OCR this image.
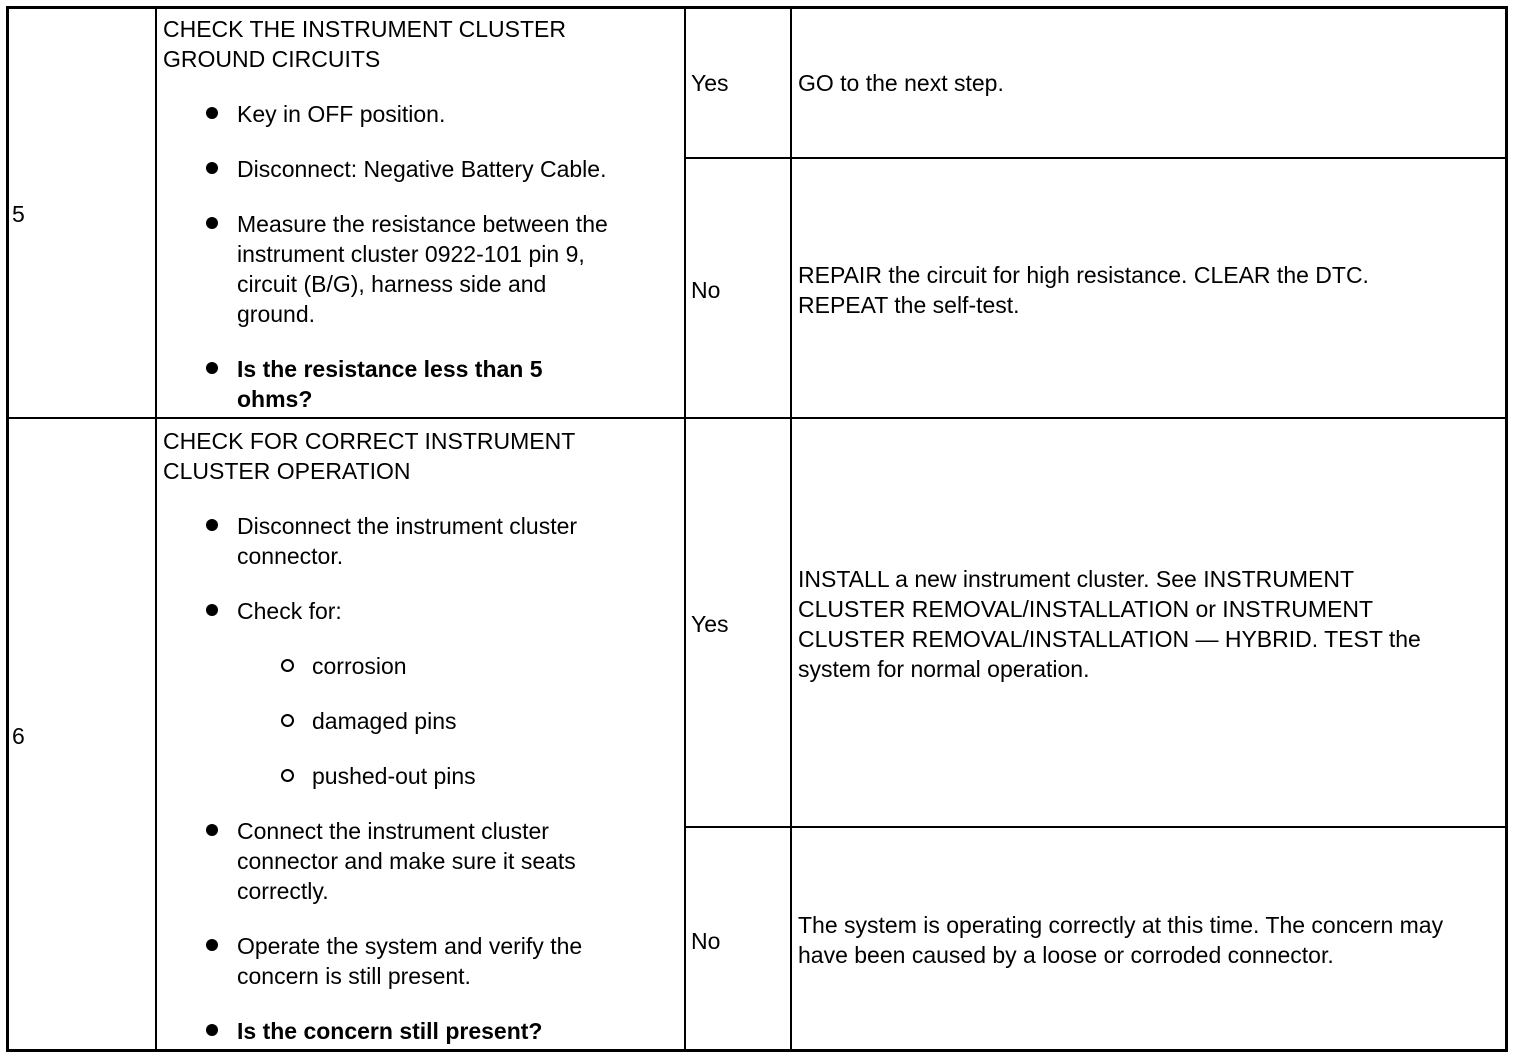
5
CHECK THE INSTRUMENT CLUSTER
GROUND CIRCUITS
Key in OFF position.
Disconnect: Negative Battery Cable.
Measure the resistance between the
instrument cluster 0922-101 pin 9,
circuit (B/G), harness side and
ground.
Is the resistance less than 5
ohms?
Yes	GO to the next step.
No
REPAIR the circuit for high resistance. CLEAR the DTC.
REPEAT the self-test.
6
CHECK FOR CORRECT INSTRUMENT
CLUSTER OPERATION
Disconnect the instrument cluster
connector.
Check for:
corrosion
damaged pins
pushed-out pins
Connect the instrument cluster
connector and make sure it seats
correctly.
Operate the system and verify the
concern is still present.
Is the concern still present?
Yes
INSTALL a new instrument cluster. See INSTRUMENT
CLUSTER REMOVAL/INSTALLATION or INSTRUMENT
CLUSTER REMOVAL/INSTALLATION — HYBRID. TEST the
system for normal operation.
No
The system is operating correctly at this time. The concern may
have been caused by a loose or corroded connector.
